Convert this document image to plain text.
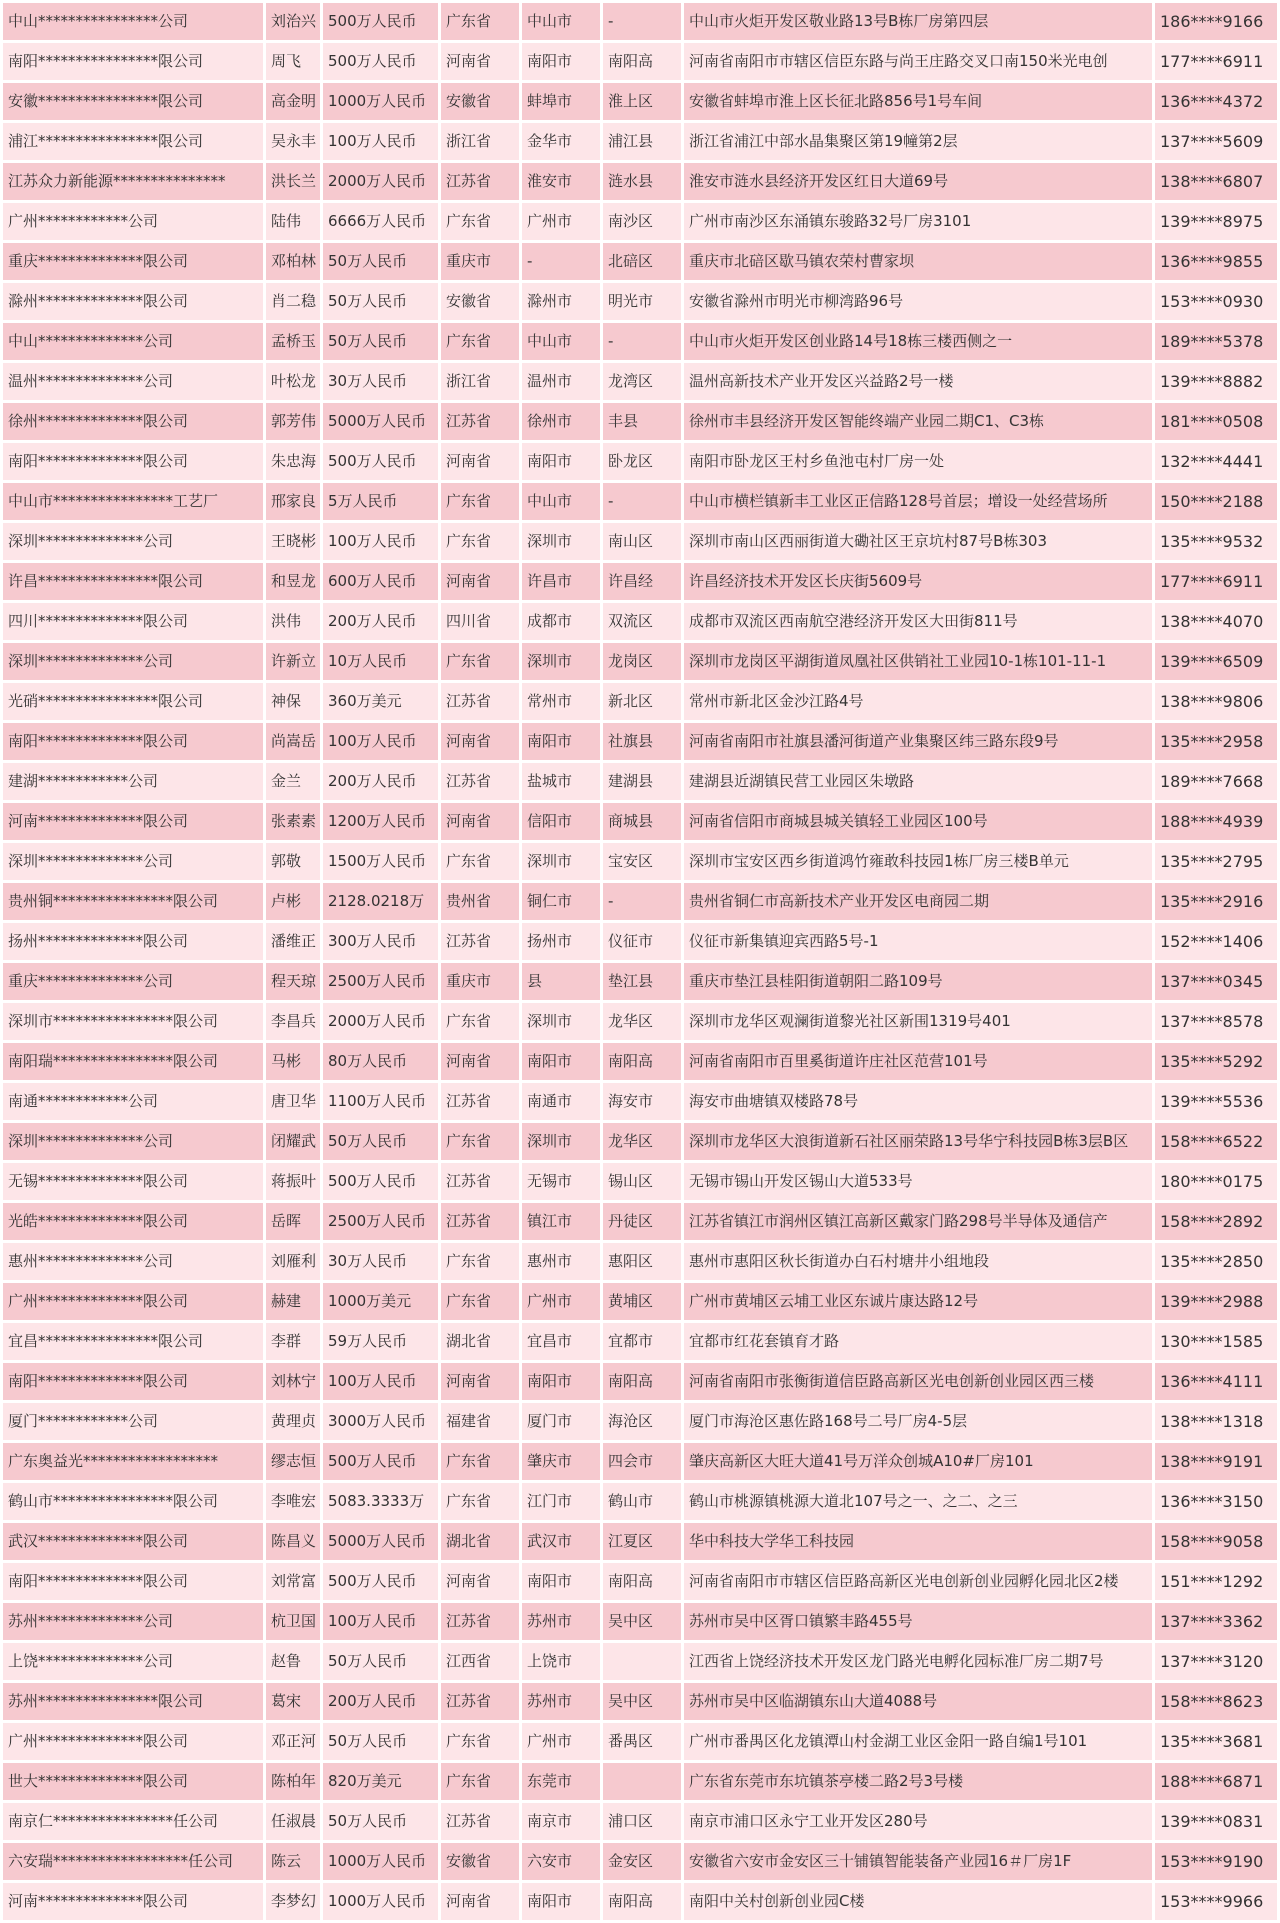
中山****************公司	刘治兴	500万人民币	广东省	中山市	-	中山市火炬开发区敬业路13号B栋厂房第四层	186****9166
南阳****************限公司	周飞	500万人民币	河南省	南阳市	南阳高	河南省南阳市市辖区信臣东路与尚王庄路交叉口南150米光电创	177****6911
安徽****************限公司	高金明	1000万人民币	安徽省	蚌埠市	淮上区	安徽省蚌埠市淮上区长征北路856号1号车间	136****4372
浦江****************限公司	吴永丰	100万人民币	浙江省	金华市	浦江县	浙江省浦江中部水晶集聚区第19幢第2层	137****5609
江苏众力新能源***************	洪长兰	2000万人民币	江苏省	淮安市	涟水县	淮安市涟水县经济开发区红日大道69号	138****6807
广州************公司	陆伟	6666万人民币	广东省	广州市	南沙区	广州市南沙区东涌镇东骏路32号厂房3101	139****8975
重庆**************限公司	邓柏林	50万人民币	重庆市	-	北碚区	重庆市北碚区歇马镇农荣村曹家坝	136****9855
滁州**************限公司	肖二稳	50万人民币	安徽省	滁州市	明光市	安徽省滁州市明光市柳湾路96号	153****0930
中山**************公司	孟桥玉	50万人民币	广东省	中山市	-	中山市火炬开发区创业路14号18栋三楼西侧之一	189****5378
温州**************公司	叶松龙	30万人民币	浙江省	温州市	龙湾区	温州高新技术产业开发区兴益路2号一楼	139****8882
徐州**************限公司	郭芳伟	5000万人民币	江苏省	徐州市	丰县	徐州市丰县经济开发区智能终端产业园二期C1、C3栋	181****0508
南阳**************限公司	朱忠海	500万人民币	河南省	南阳市	卧龙区	南阳市卧龙区王村乡鱼池屯村厂房一处	132****4441
中山市****************工艺厂	邢家良	5万人民币	广东省	中山市	-	中山市横栏镇新丰工业区正信路128号首层；增设一处经营场所	150****2188
深圳**************公司	王晓彬	100万人民币	广东省	深圳市	南山区	深圳市南山区西丽街道大磡社区王京坑村87号B栋303	135****9532
许昌****************限公司	和昱龙	600万人民币	河南省	许昌市	许昌经	许昌经济技术开发区长庆街5609号	177****6911
四川**************限公司	洪伟	200万人民币	四川省	成都市	双流区	成都市双流区西南航空港经济开发区大田街811号	138****4070
深圳**************公司	许新立	10万人民币	广东省	深圳市	龙岗区	深圳市龙岗区平湖街道凤凰社区供销社工业园10-1栋101-11-1	139****6509
光硝****************限公司	神保	360万美元	江苏省	常州市	新北区	常州市新北区金沙江路4号	138****9806
南阳**************限公司	尚嵩岳	100万人民币	河南省	南阳市	社旗县	河南省南阳市社旗县潘河街道产业集聚区纬三路东段9号	135****2958
建湖************公司	金兰	200万人民币	江苏省	盐城市	建湖县	建湖县近湖镇民营工业园区朱墩路	189****7668
河南**************限公司	张素素	1200万人民币	河南省	信阳市	商城县	河南省信阳市商城县城关镇轻工业园区100号	188****4939
深圳**************公司	郭敬	1500万人民币	广东省	深圳市	宝安区	深圳市宝安区西乡街道鸿竹雍敢科技园1栋厂房三楼B单元	135****2795
贵州铜****************限公司	卢彬	2128.0218万	贵州省	铜仁市	-	贵州省铜仁市高新技术产业开发区电商园二期	135****2916
扬州**************限公司	潘维正	300万人民币	江苏省	扬州市	仪征市	仪征市新集镇迎宾西路5号-1	152****1406
重庆**************公司	程天琼	2500万人民币	重庆市	县	垫江县	重庆市垫江县桂阳街道朝阳二路109号	137****0345
深圳市****************限公司	李昌兵	2000万人民币	广东省	深圳市	龙华区	深圳市龙华区观澜街道黎光社区新围1319号401	137****8578
南阳瑞****************限公司	马彬	80万人民币	河南省	南阳市	南阳高	河南省南阳市百里奚街道许庄社区范营101号	135****5292
南通************公司	唐卫华	1100万人民币	江苏省	南通市	海安市	海安市曲塘镇双楼路78号	139****5536
深圳**************公司	闭耀武	50万人民币	广东省	深圳市	龙华区	深圳市龙华区大浪街道新石社区丽荣路13号华宁科技园B栋3层B区	158****6522
无锡**************限公司	蒋振叶	500万人民币	江苏省	无锡市	锡山区	无锡市锡山开发区锡山大道533号	180****0175
光皓**************限公司	岳晖	2500万人民币	江苏省	镇江市	丹徒区	江苏省镇江市润州区镇江高新区戴家门路298号半导体及通信产	158****2892
惠州**************公司	刘雁利	30万人民币	广东省	惠州市	惠阳区	惠州市惠阳区秋长街道办白石村塘井小组地段	135****2850
广州**************限公司	赫建	1000万美元	广东省	广州市	黄埔区	广州市黄埔区云埔工业区东诚片康达路12号	139****2988
宜昌****************限公司	李群	59万人民币	湖北省	宜昌市	宜都市	宜都市红花套镇育才路	130****1585
南阳**************限公司	刘林宁	100万人民币	河南省	南阳市	南阳高	河南省南阳市张衡街道信臣路高新区光电创新创业园区西三楼	136****4111
厦门************公司	黄理贞	3000万人民币	福建省	厦门市	海沧区	厦门市海沧区惠佐路168号二号厂房4-5层	138****1318
广东奥益光******************	缪志恒	500万人民币	广东省	肇庆市	四会市	肇庆高新区大旺大道41号万洋众创城A10#厂房101	138****9191
鹤山市****************限公司	李唯宏	5083.3333万	广东省	江门市	鹤山市	鹤山市桃源镇桃源大道北107号之一、之二、之三	136****3150
武汉**************限公司	陈昌义	5000万人民币	湖北省	武汉市	江夏区	华中科技大学华工科技园	158****9058
南阳**************限公司	刘常富	500万人民币	河南省	南阳市	南阳高	河南省南阳市市辖区信臣路高新区光电创新创业园孵化园北区2楼	151****1292
苏州**************公司	杭卫国	100万人民币	江苏省	苏州市	吴中区	苏州市吴中区胥口镇繁丰路455号	137****3362
上饶**************公司	赵鲁	50万人民币	江西省	上饶市		江西省上饶经济技术开发区龙门路光电孵化园标准厂房二期7号	137****3120
苏州****************限公司	葛宋	200万人民币	江苏省	苏州市	吴中区	苏州市吴中区临湖镇东山大道4088号	158****8623
广州**************限公司	邓正河	50万人民币	广东省	广州市	番禺区	广州市番禺区化龙镇潭山村金湖工业区金阳一路自编1号101	135****3681
世大**************限公司	陈柏年	820万美元	广东省	东莞市		广东省东莞市东坑镇茶亭楼二路2号3号楼	188****6871
南京仁****************任公司	任淑晨	50万人民币	江苏省	南京市	浦口区	南京市浦口区永宁工业开发区280号	139****0831
六安瑞******************任公司	陈云	1000万人民币	安徽省	六安市	金安区	安徽省六安市金安区三十铺镇智能装备产业园16＃厂房1F	153****9190
河南**************限公司	李梦幻	1000万人民币	河南省	南阳市	南阳高	南阳中关村创新创业园C楼	153****9966
